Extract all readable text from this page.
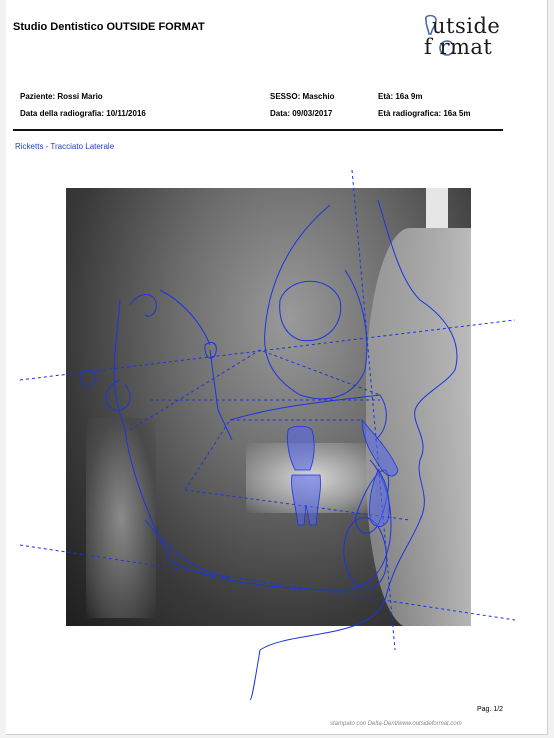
Studio Dentistico OUTSIDE FORMAT	utside
f rmat
Paziente: Rossi Mario
Data della radiografia: 10/11/2016
SESSO: Maschio
Data: 09/03/2017
Età: 16a 9m
Età radiografica: 16a 5m
Ricketts - Tracciato Laterale
Pag. 1/2
stampato con Delta-Dent/www.outsideformat.com
